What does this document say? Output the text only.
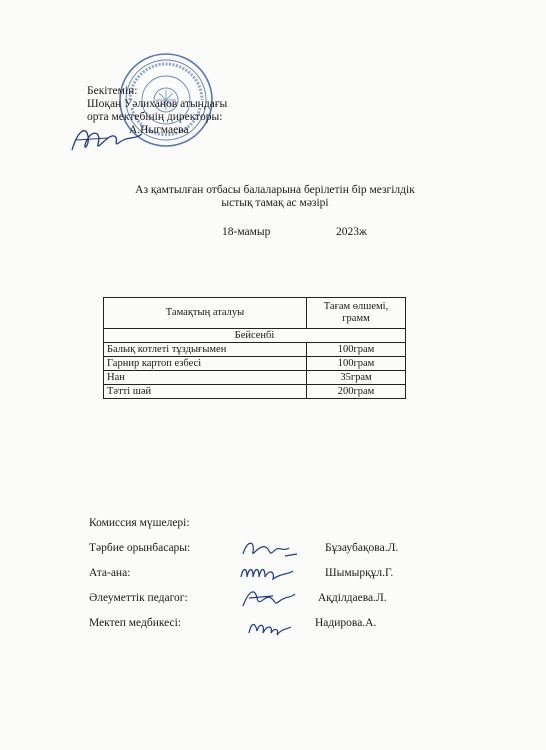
Бекітемін:
Шоқан Уәлиханов атындағы
орта мектебінің директоры:
А.Ныгмаева
Аз қамтылған отбасы балаларына берілетін бір мезгілдік ыстық тамақ ас мәзірі
18-мамыр	2023ж
Тамақтың аталуы	Тағам өлшемі, грамм
Бейсенбі	
Балық котлеті тұздығымен	100грам
Гарнир картоп езбесі	100грам
Нан	35грам
Тәтті шәй	200грам
Комиссия мүшелері:
Тәрбие орынбасары:	Бұзаубақова.Л.
Ата-ана:	Шымырқұл.Г.
Әлеуметтік педагог:	Ақділдаева.Л.
Мектеп медбикесі:	Надирова.А.
